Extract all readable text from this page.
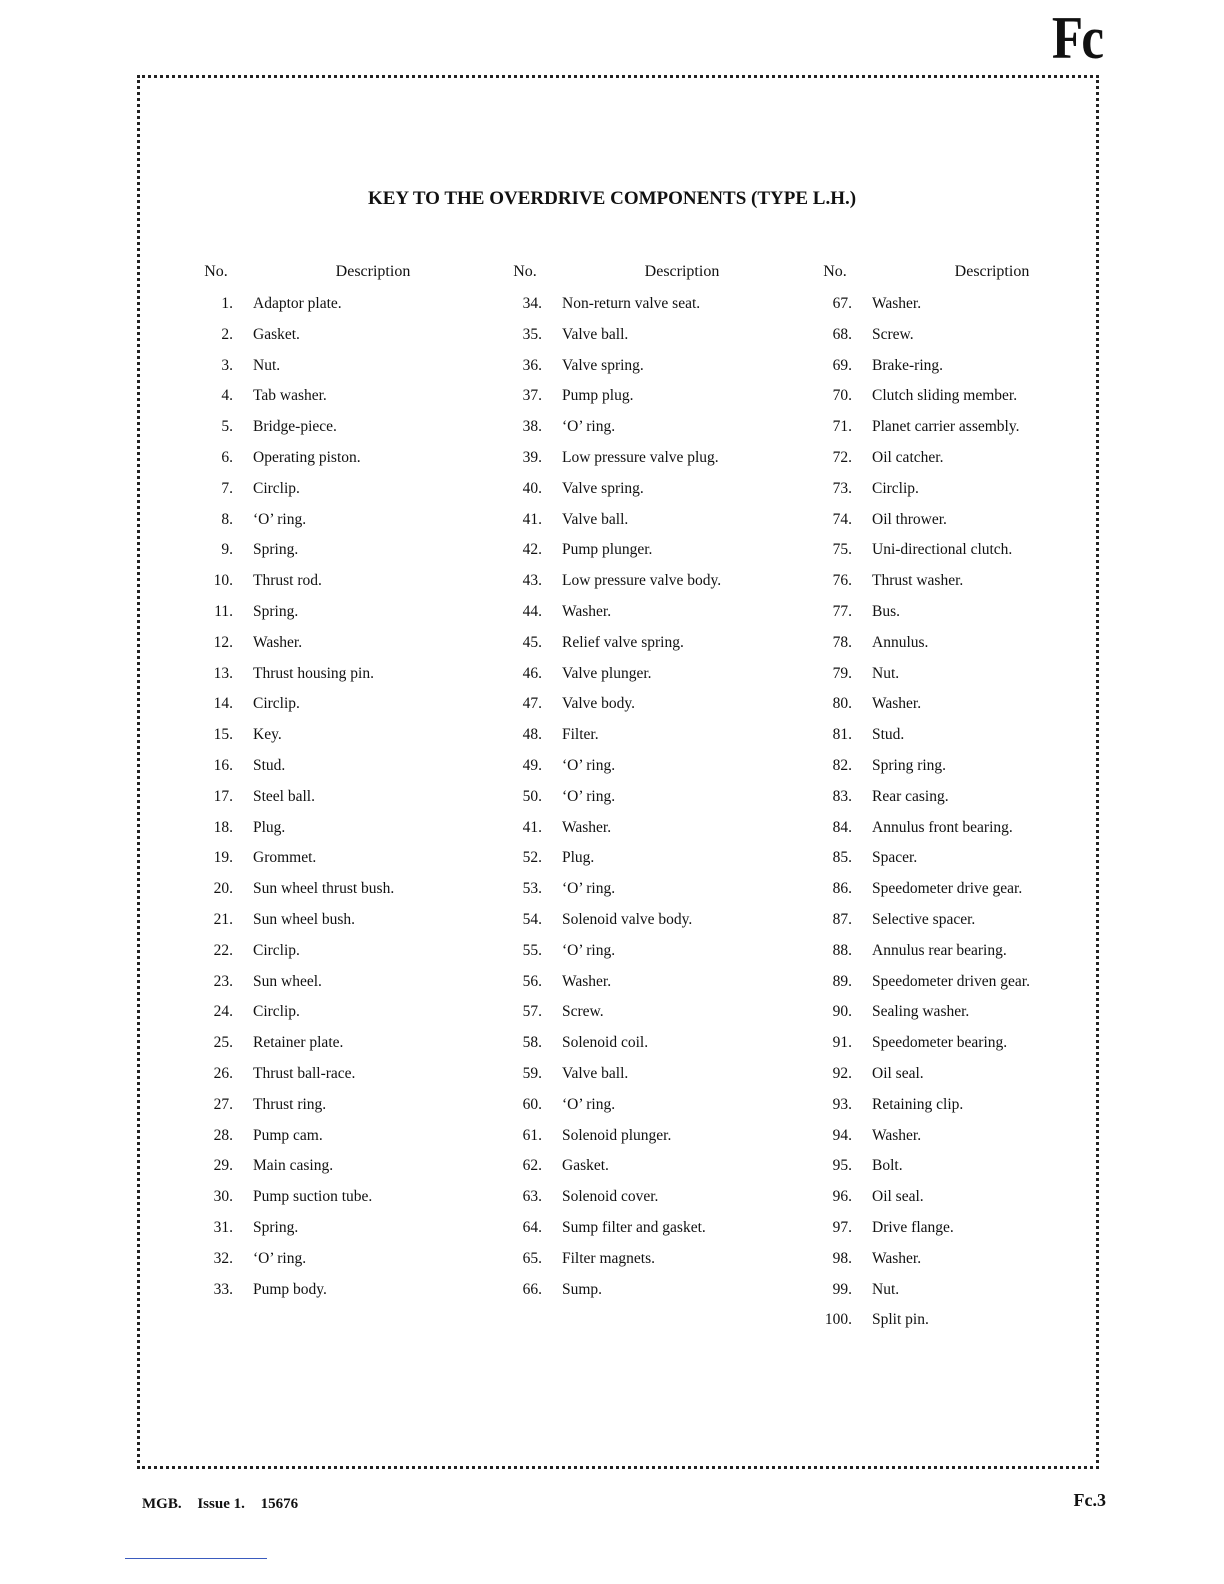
Fc
KEY TO THE OVERDRIVE COMPONENTS (TYPE L.H.)
No.	Description
1. Adaptor plate.
2. Gasket.
3. Nut.
4. Tab washer.
5. Bridge-piece.
6. Operating piston.
7. Circlip.
8. ‘O’ ring.
9. Spring.
10. Thrust rod.
11. Spring.
12. Washer.
13. Thrust housing pin.
14. Circlip.
15. Key.
16. Stud.
17. Steel ball.
18. Plug.
19. Grommet.
20. Sun wheel thrust bush.
21. Sun wheel bush.
22. Circlip.
23. Sun wheel.
24. Circlip.
25. Retainer plate.
26. Thrust ball-race.
27. Thrust ring.
28. Pump cam.
29. Main casing.
30. Pump suction tube.
31. Spring.
32. ‘O’ ring.
33. Pump body.
No.	Description
34. Non-return valve seat.
35. Valve ball.
36. Valve spring.
37. Pump plug.
38. ‘O’ ring.
39. Low pressure valve plug.
40. Valve spring.
41. Valve ball.
42. Pump plunger.
43. Low pressure valve body.
44. Washer.
45. Relief valve spring.
46. Valve plunger.
47. Valve body.
48. Filter.
49. ‘O’ ring.
50. ‘O’ ring.
41. Washer.
52. Plug.
53. ‘O’ ring.
54. Solenoid valve body.
55. ‘O’ ring.
56. Washer.
57. Screw.
58. Solenoid coil.
59. Valve ball.
60. ‘O’ ring.
61. Solenoid plunger.
62. Gasket.
63. Solenoid cover.
64. Sump filter and gasket.
65. Filter magnets.
66. Sump.
No.	Description
67. Washer.
68. Screw.
69. Brake-ring.
70. Clutch sliding member.
71. Planet carrier assembly.
72. Oil catcher.
73. Circlip.
74. Oil thrower.
75. Uni-directional clutch.
76. Thrust washer.
77. Bus.
78. Annulus.
79. Nut.
80. Washer.
81. Stud.
82. Spring ring.
83. Rear casing.
84. Annulus front bearing.
85. Spacer.
86. Speedometer drive gear.
87. Selective spacer.
88. Annulus rear bearing.
89. Speedometer driven gear.
90. Sealing washer.
91. Speedometer bearing.
92. Oil seal.
93. Retaining clip.
94. Washer.
95. Bolt.
96. Oil seal.
97. Drive flange.
98. Washer.
99. Nut.
100. Split pin.
MGB. Issue 1. 15676	Fc.3
